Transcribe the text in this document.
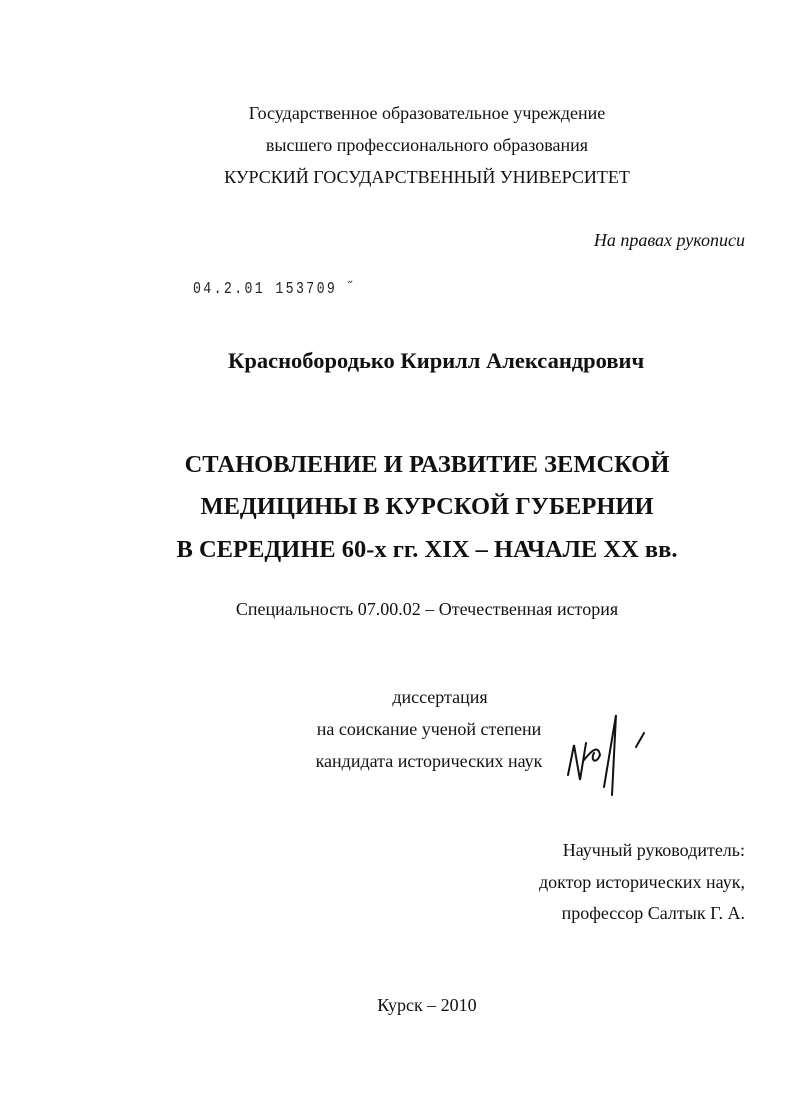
Государственное образовательное учреждение
высшего профессионального образования
КУРСКИЙ ГОСУДАРСТВЕННЫЙ УНИВЕРСИТЕТ
На правах рукописи
04.2.01 153709 ˝
Краснобородько Кирилл Александрович
СТАНОВЛЕНИЕ И РАЗВИТИЕ ЗЕМСКОЙ
МЕДИЦИНЫ В КУРСКОЙ ГУБЕРНИИ
В СЕРЕДИНЕ 60-х гг. XIX – НАЧАЛЕ XX вв.
Специальность 07.00.02 – Отечественная история
диссертация
на соискание ученой степени
кандидата исторических наук
Научный руководитель:
доктор исторических наук,
профессор Салтык Г. А.
Курск – 2010
